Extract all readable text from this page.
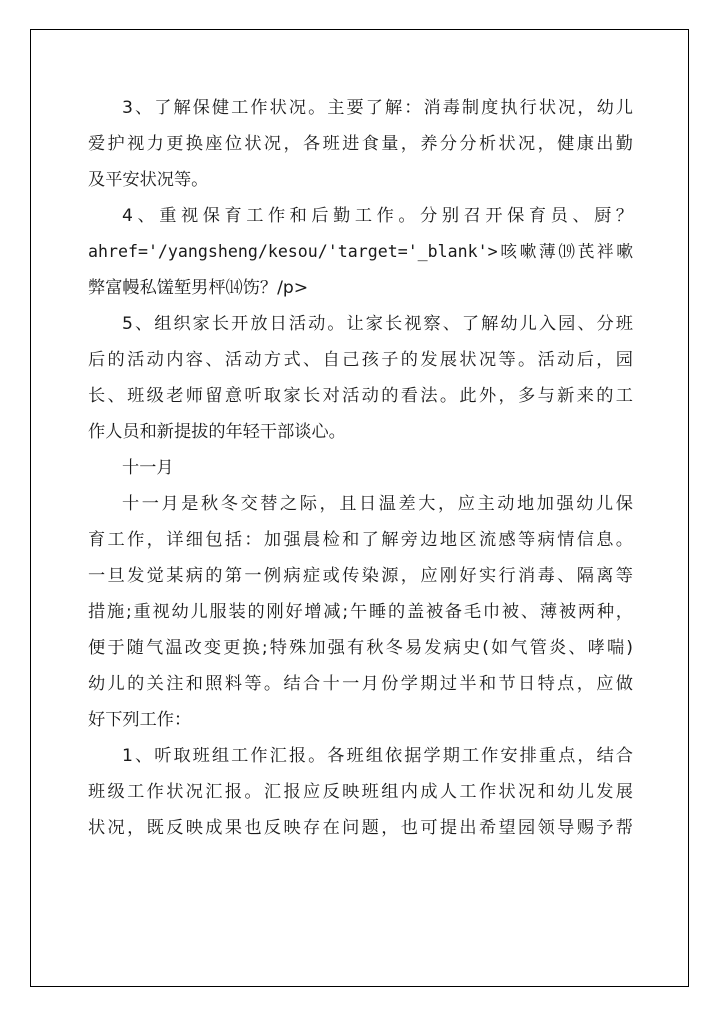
3、了解保健工作状况。主要了解：消毒制度执行状况，幼儿
爱护视力更换座位状况，各班进食量，养分分析状况，健康出勤
及平安状况等。
4、重视保育工作和后勤工作。分别召开保育员、厨？
ahref='/yangsheng/kesou/'target='_blank'>咳嗽薄⒆芪袢嗽
弊富幔私馐堑男枰⒁饬？/p>
5、组织家长开放日活动。让家长视察、了解幼儿入园、分班
后的活动内容、活动方式、自己孩子的发展状况等。活动后，园
长、班级老师留意听取家长对活动的看法。此外，多与新来的工
作人员和新提拔的年轻干部谈心。
十一月
十一月是秋冬交替之际，且日温差大，应主动地加强幼儿保
育工作，详细包括：加强晨检和了解旁边地区流感等病情信息。
一旦发觉某病的第一例病症或传染源，应刚好实行消毒、隔离等
措施;重视幼儿服装的刚好增减;午睡的盖被备毛巾被、薄被两种，
便于随气温改变更换;特殊加强有秋冬易发病史(如气管炎、哮喘)
幼儿的关注和照料等。结合十一月份学期过半和节日特点，应做
好下列工作：
1、听取班组工作汇报。各班组依据学期工作安排重点，结合
班级工作状况汇报。汇报应反映班组内成人工作状况和幼儿发展
状况，既反映成果也反映存在问题，也可提出希望园领导赐予帮
